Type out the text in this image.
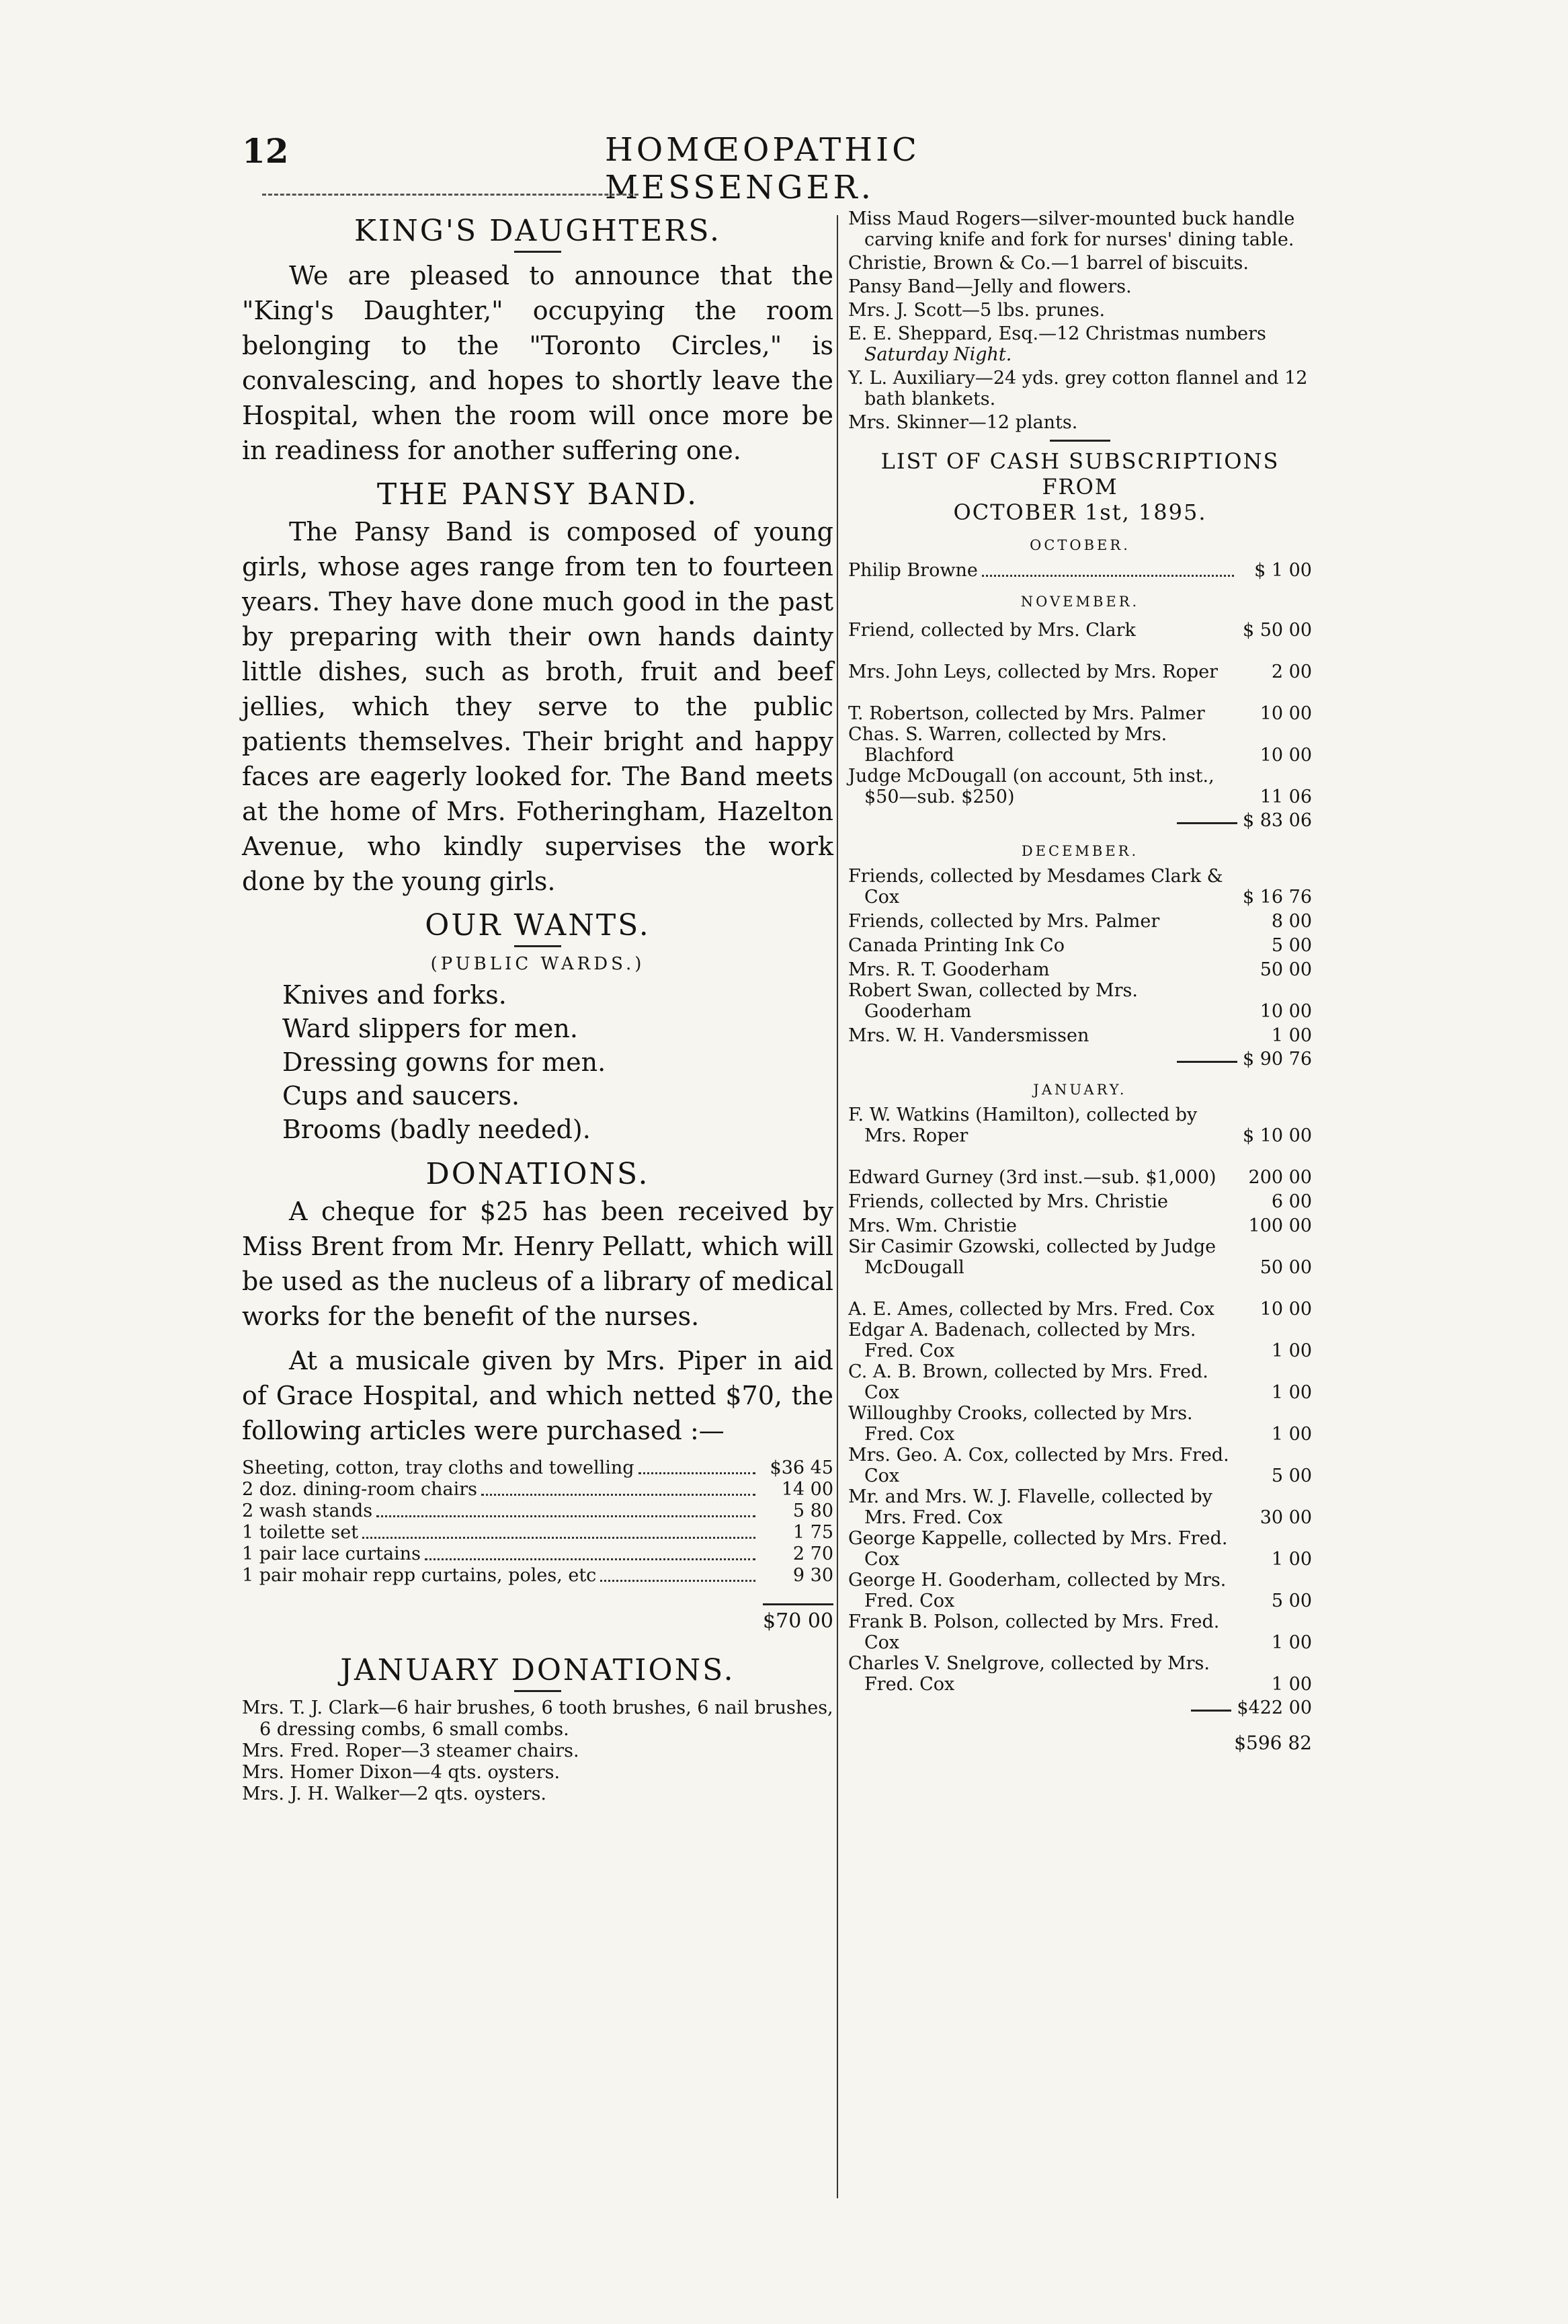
12	HOMŒOPATHIC MESSENGER.
KING'S DAUGHTERS.

We are pleased to announce that the "King's Daughter," occupying the room belonging to the "Toronto Circles," is convalescing, and hopes to shortly leave the Hospital, when the room will once more be in readiness for another suffering one.

THE PANSY BAND.

The Pansy Band is composed of young girls, whose ages range from ten to fourteen years. They have done much good in the past by preparing with their own hands dainty little dishes, such as broth, fruit and beef jellies, which they serve to the public patients themselves. Their bright and happy faces are eagerly looked for. The Band meets at the home of Mrs. Fotheringham, Hazelton Avenue, who kindly supervises the work done by the young girls.

OUR WANTS.
(PUBLIC WARDS.)
Knives and forks.
Ward slippers for men.
Dressing gowns for men.
Cups and saucers.
Brooms (badly needed).
DONATIONS.

A cheque for $25 has been received by Miss Brent from Mr. Henry Pellatt, which will be used as the nucleus of a library of medical works for the benefit of the nurses.

At a musicale given by Mrs. Piper in aid of Grace Hospital, and which netted $70, the following articles were purchased :—

Sheeting, cotton, tray cloths and towelling	$36 45
2 doz. dining-room chairs	14 00
2 wash stands	5 80
1 toilette set	1 75
1 pair lace curtains	2 70
1 pair mohair repp curtains, poles, etc	9 30
$70 00
JANUARY DONATIONS.

Mrs. T. J. Clark—6 hair brushes, 6 tooth brushes, 6 nail brushes, 6 dressing combs, 6 small combs.

Mrs. Fred. Roper—3 steamer chairs.

Mrs. Homer Dixon—4 qts. oysters.

Mrs. J. H. Walker—2 qts. oysters.

Miss Maud Rogers—silver-mounted buck handle carving knife and fork for nurses' dining table.

Christie, Brown & Co.—1 barrel of biscuits.

Pansy Band—Jelly and flowers.

Mrs. J. Scott—5 lbs. prunes.

E. E. Sheppard, Esq.—12 Christmas numbers Saturday Night.

Y. L. Auxiliary—24 yds. grey cotton flannel and 12 bath blankets.

Mrs. Skinner—12 plants.

LIST OF CASH SUBSCRIPTIONS FROM
OCTOBER 1st, 1895.
OCTOBER.
Philip Browne	$ 1 00
NOVEMBER.
Friend, collected by Mrs. Clark	$ 50 00
Mrs. John Leys, collected by Mrs. Roper	2 00
T. Robertson, collected by Mrs. Palmer	10 00
Chas. S. Warren, collected by Mrs. Blachford	10 00
Judge McDougall (on account, 5th inst., $50—sub. $250)	11 06
$ 83 06
DECEMBER.
Friends, collected by Mesdames Clark & Cox	$ 16 76
Friends, collected by Mrs. Palmer	8 00
Canada Printing Ink Co	5 00
Mrs. R. T. Gooderham	50 00
Robert Swan, collected by Mrs. Gooderham	10 00
Mrs. W. H. Vandersmissen	1 00
$ 90 76
JANUARY.
F. W. Watkins (Hamilton), collected by Mrs. Roper	$ 10 00
Edward Gurney (3rd inst.—sub. $1,000)	200 00
Friends, collected by Mrs. Christie	6 00
Mrs. Wm. Christie	100 00
Sir Casimir Gzowski, collected by Judge McDougall	50 00
A. E. Ames, collected by Mrs. Fred. Cox	10 00
Edgar A. Badenach, collected by Mrs. Fred. Cox	1 00
C. A. B. Brown, collected by Mrs. Fred. Cox	1 00
Willoughby Crooks, collected by Mrs. Fred. Cox	1 00
Mrs. Geo. A. Cox, collected by Mrs. Fred. Cox	5 00
Mr. and Mrs. W. J. Flavelle, collected by Mrs. Fred. Cox	30 00
George Kappelle, collected by Mrs. Fred. Cox	1 00
George H. Gooderham, collected by Mrs. Fred. Cox	5 00
Frank B. Polson, collected by Mrs. Fred. Cox	1 00
Charles V. Snelgrove, collected by Mrs. Fred. Cox	1 00
$422 00
$596 82
